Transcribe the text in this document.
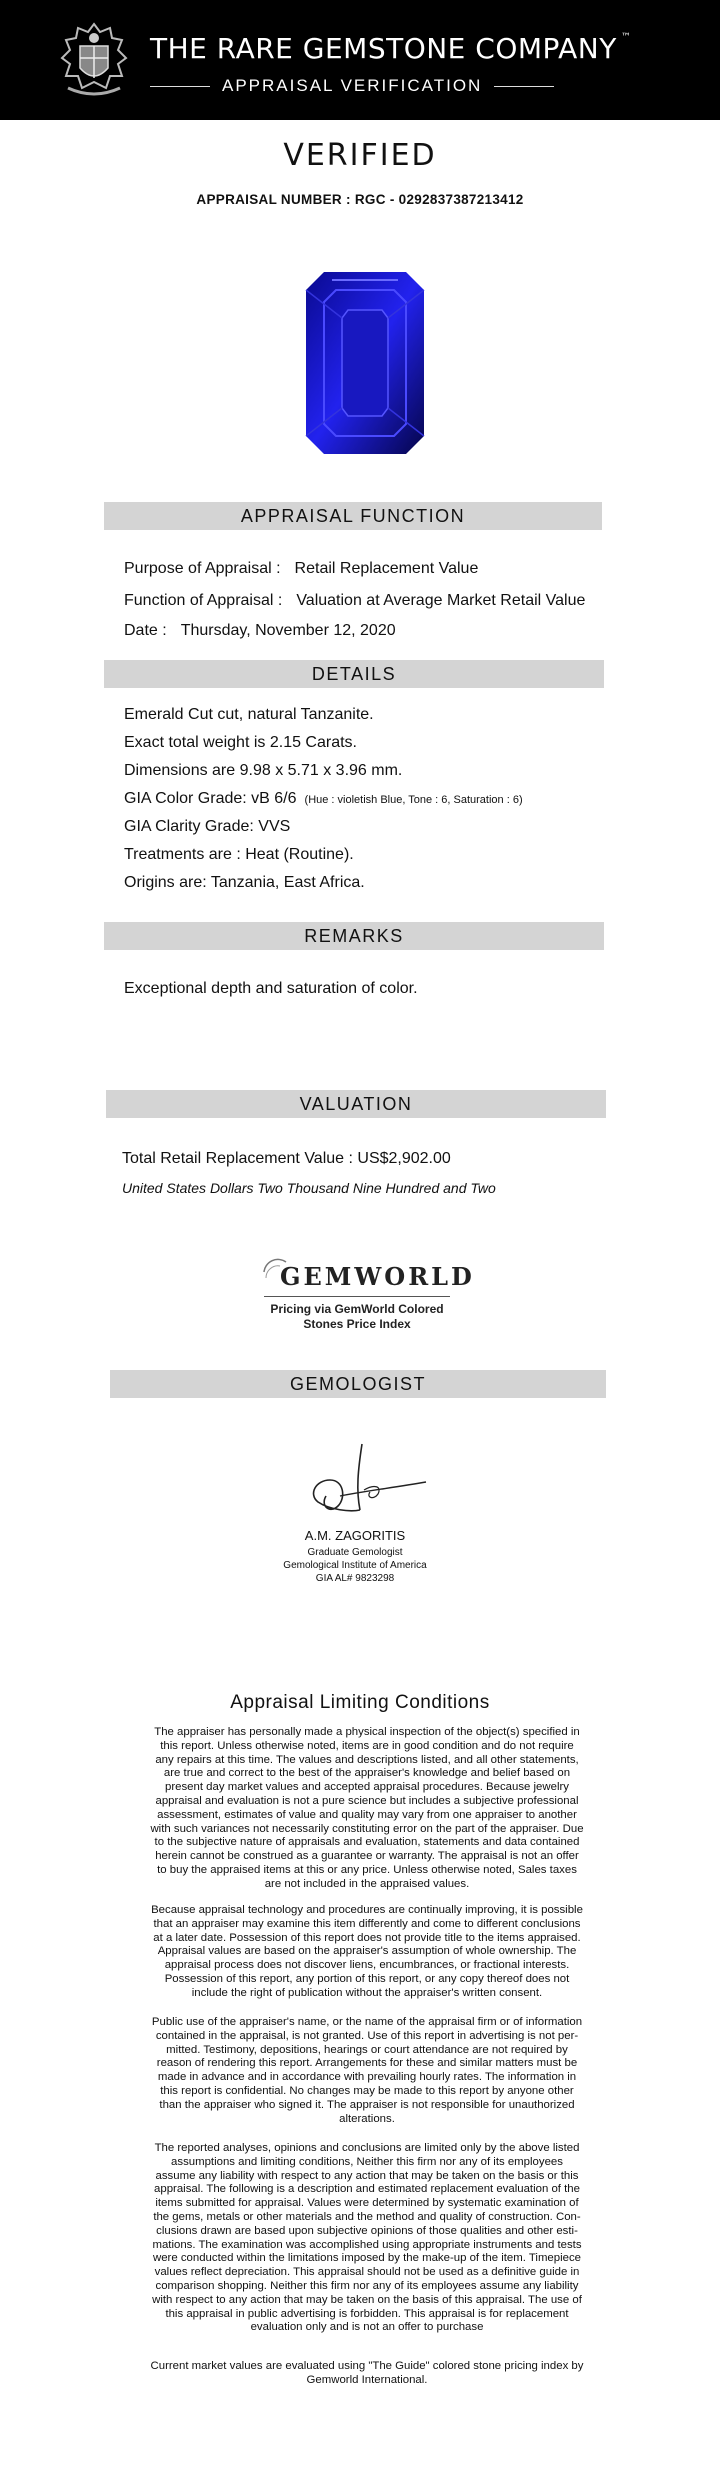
THE RARE GEMSTONE COMPANY ™
APPRAISAL VERIFICATION
VERIFIED
APPRAISAL NUMBER : RGC - 0292837387213412
APPRAISAL FUNCTION
Purpose of Appraisal : Retail Replacement Value
Function of Appraisal : Valuation at Average Market Retail Value
Date : Thursday, November 12, 2020
DETAILS
Emerald Cut cut, natural Tanzanite.
Exact total weight is 2.15 Carats.
Dimensions are 9.98 x 5.71 x 3.96 mm.
GIA Color Grade: vB 6/6 (Hue : violetish Blue, Tone : 6, Saturation : 6)
GIA Clarity Grade: VVS
Treatments are : Heat (Routine).
Origins are: Tanzania, East Africa.
REMARKS
Exceptional depth and saturation of color.
VALUATION
Total Retail Replacement Value : US$2,902.00
United States Dollars Two Thousand Nine Hundred and Two
GEMWORLD
Pricing via GemWorld Colored
Stones Price Index
GEMOLOGIST
A.M. ZAGORITIS
Graduate Gemologist
Gemological Institute of America
GIA AL# 9823298
Appraisal Limiting Conditions
The appraiser has personally made a physical inspection of the object(s) specified in
this report. Unless otherwise noted, items are in good condition and do not require
any repairs at this time. The values and descriptions listed, and all other statements,
are true and correct to the best of the appraiser's knowledge and belief based on
present day market values and accepted appraisal procedures. Because jewelry
appraisal and evaluation is not a pure science but includes a subjective professional
assessment, estimates of value and quality may vary from one appraiser to another
with such variances not necessarily constituting error on the part of the appraiser. Due
to the subjective nature of appraisals and evaluation, statements and data contained
herein cannot be construed as a guarantee or warranty. The appraisal is not an offer
to buy the appraised items at this or any price. Unless otherwise noted, Sales taxes
are not included in the appraised values.
Because appraisal technology and procedures are continually improving, it is possible
that an appraiser may examine this item differently and come to different conclusions
at a later date. Possession of this report does not provide title to the items appraised.
Appraisal values are based on the appraiser's assumption of whole ownership. The
appraisal process does not discover liens, encumbrances, or fractional interests.
Possession of this report, any portion of this report, or any copy thereof does not
include the right of publication without the appraiser's written consent.
Public use of the appraiser's name, or the name of the appraisal firm or of information
contained in the appraisal, is not granted. Use of this report in advertising is not per-
mitted. Testimony, depositions, hearings or court attendance are not required by
reason of rendering this report. Arrangements for these and similar matters must be
made in advance and in accordance with prevailing hourly rates. The information in
this report is confidential. No changes may be made to this report by anyone other
than the appraiser who signed it. The appraiser is not responsible for unauthorized
alterations.
The reported analyses, opinions and conclusions are limited only by the above listed
assumptions and limiting conditions, Neither this firm nor any of its employees
assume any liability with respect to any action that may be taken on the basis or this
appraisal. The following is a description and estimated replacement evaluation of the
items submitted for appraisal. Values were determined by systematic examination of
the gems, metals or other materials and the method and quality of construction. Con-
clusions drawn are based upon subjective opinions of those qualities and other esti-
mations. The examination was accomplished using appropriate instruments and tests
were conducted within the limitations imposed by the make-up of the item. Timepiece
values reflect depreciation. This appraisal should not be used as a definitive guide in
comparison shopping. Neither this firm nor any of its employees assume any liability
with respect to any action that may be taken on the basis of this appraisal. The use of
this appraisal in public advertising is forbidden. This appraisal is for replacement
evaluation only and is not an offer to purchase
Current market values are evaluated using "The Guide" colored stone pricing index by
Gemworld International.
